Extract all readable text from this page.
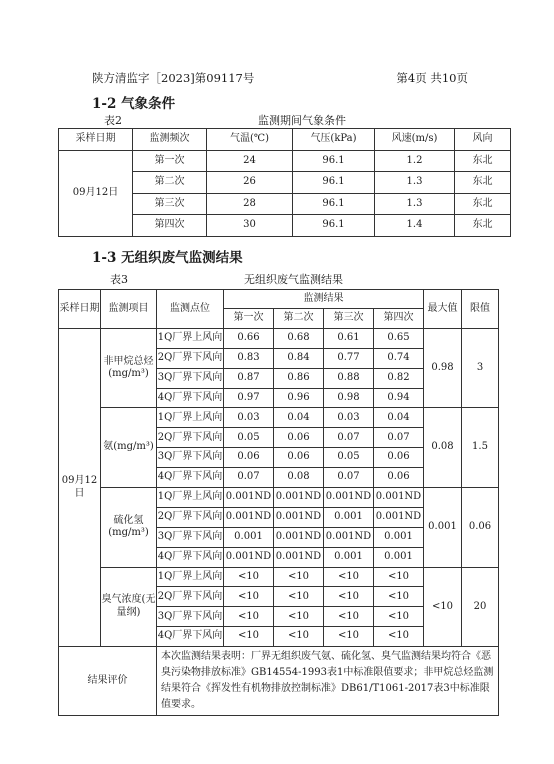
陕方清监字［2023]第09117号	第4页 共10页
1-2 气象条件
表2	监测期间气象条件
采样日期	监测频次	气温(℃)	气压(kPa)	风速(m/s)	风向
09月12日	第一次	24	96.1	1.2	东北
	第二次	26	96.1	1.3	东北
	第三次	28	96.1	1.3	东北
	第四次	30	96.1	1.4	东北
1-3 无组织废气监测结果
表3	无组织废气监测结果
采样日期	监测项目	监测点位	监测结果				最大值	限值
			第一次	第二次	第三次	第四次		
09月12日	非甲烷总烃(mg/m³)	1Q厂界上风向	0.66	0.68	0.61	0.65	0.98	3
		2Q厂界下风向	0.83	0.84	0.77	0.74		
		3Q厂界下风向	0.87	0.86	0.88	0.82		
		4Q厂界下风向	0.97	0.96	0.98	0.94		
	氨(mg/m³)	1Q厂界上风向	0.03	0.04	0.03	0.04	0.08	1.5
		2Q厂界下风向	0.05	0.06	0.07	0.07		
		3Q厂界下风向	0.06	0.06	0.05	0.06		
		4Q厂界下风向	0.07	0.08	0.07	0.06		
	硫化氢(mg/m³)	1Q厂界上风向	0.001ND	0.001ND	0.001ND	0.001ND	0.001	0.06
		2Q厂界下风向	0.001ND	0.001ND	0.001	0.001ND		
		3Q厂界下风向	0.001	0.001ND	0.001ND	0.001		
		4Q厂界下风向	0.001ND	0.001ND	0.001	0.001		
	臭气浓度(无量纲)	1Q厂界上风向	<10	<10	<10	<10	<10	20
		2Q厂界下风向	<10	<10	<10	<10		
		3Q厂界下风向	<10	<10	<10	<10		
		4Q厂界下风向	<10	<10	<10	<10		
结果评价		本次监测结果表明：厂界无组织废气氨、硫化氢、臭气监测结果均符合《恶臭污染物排放标准》GB14554-1993表1中标准限值要求；非甲烷总烃监测结果符合《挥发性有机物排放控制标准》DB61/T1061-2017表3中标准限值要求。						
